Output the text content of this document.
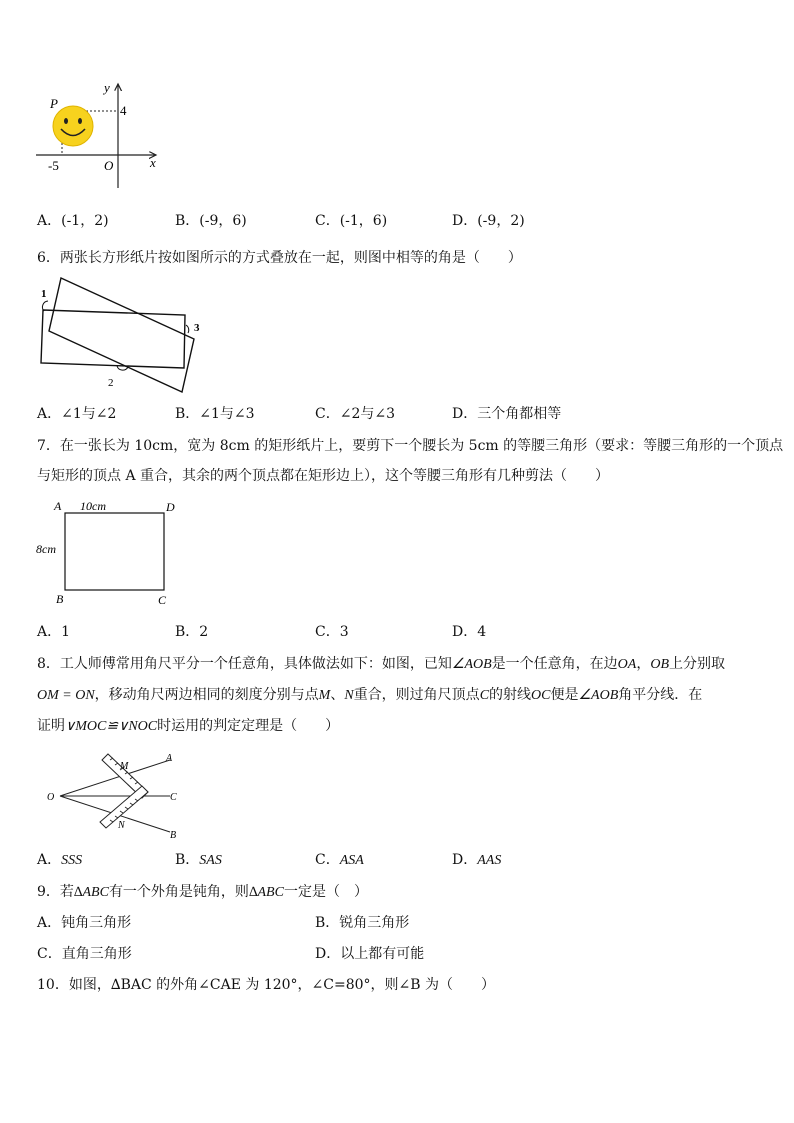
y
x
P	4
-5	O
A．(-1，2)	B．(-9，6)	C．(-1，6)	D．(-9，2)
6．两张长方形纸片按如图所示的方式叠放在一起，则图中相等的角是（　　）
1
3
2
A．∠1与∠2	B．∠1与∠3	C．∠2与∠3	D．三个角都相等
7．在一张长为 10cm，宽为 8cm 的矩形纸片上，要剪下一个腰长为 5cm 的等腰三角形（要求：等腰三角形的一个顶点
与矩形的顶点 A 重合，其余的两个顶点都在矩形边上），这个等腰三角形有几种剪法（　　）
A 10cm	D
8cm
B	C
A．1	B．2	C．3	D．4
8．工人师傅常用角尺平分一个任意角，具体做法如下：如图，已知∠AOB是一个任意角，在边OA，OB上分别取
OM = ON，移动角尺两边相同的刻度分别与点M、N重合，则过角尺顶点C的射线OC便是∠AOB角平分线．在
证明∨MOC≌∨NOC时运用的判定定理是（　　）
O
M
N
A
C
B
A．SSS	B．SAS	C．ASA	D．AAS
9．若∆ABC有一个外角是钝角，则∆ABC一定是（　）
A．钝角三角形	B．锐角三角形
C．直角三角形	D．以上都有可能
10．如图，∆BAC 的外角∠CAE 为 120°，∠C=80°，则∠B 为（　　）
